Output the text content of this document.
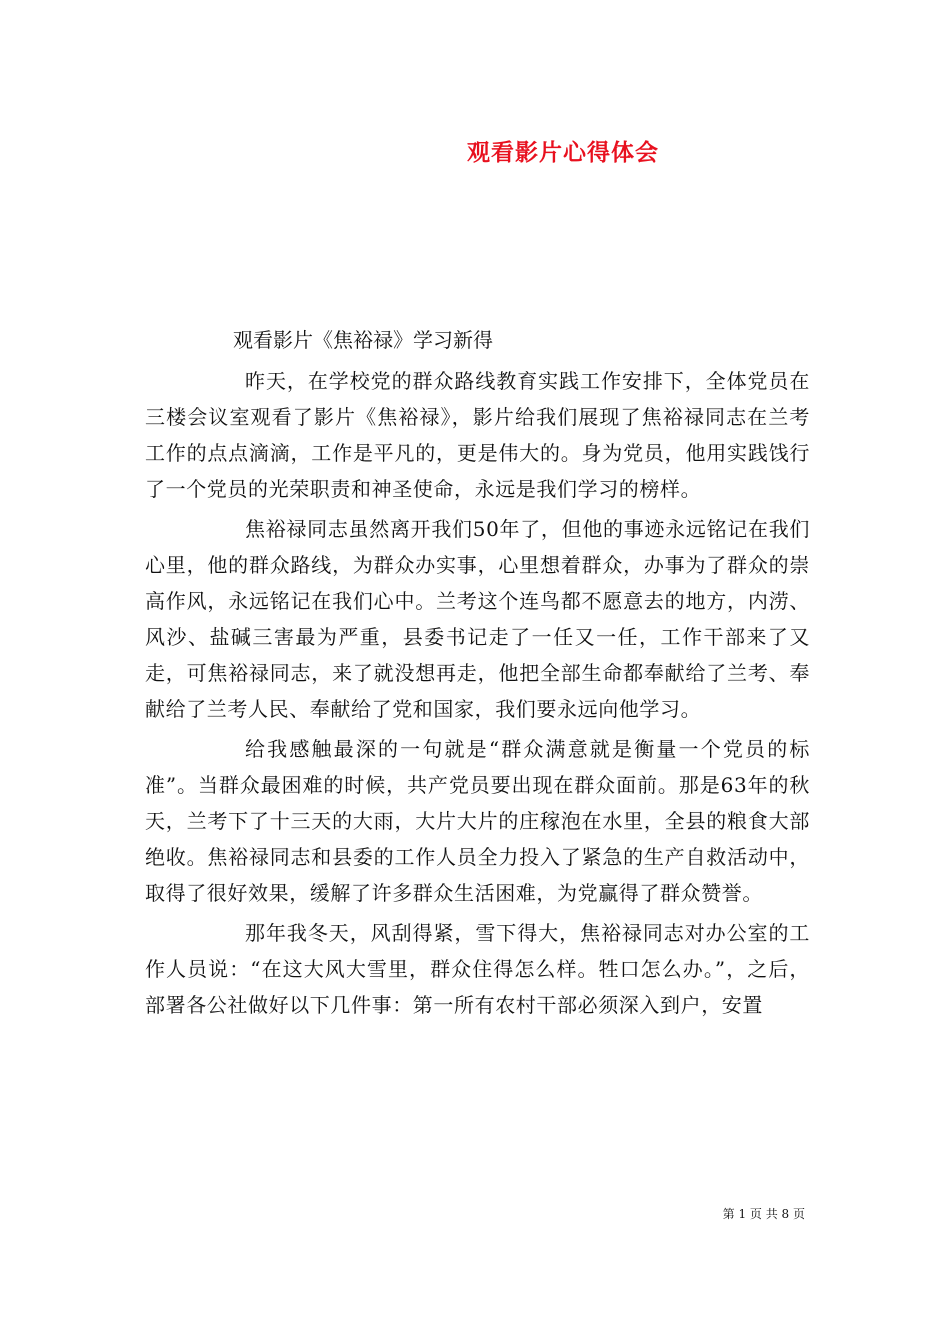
观看影片心得体会
观看影片《焦裕禄》学习新得

昨天，在学校党的群众路线教育实践工作安排下，全体党员在三楼会议室观看了影片《焦裕禄》，影片给我们展现了焦裕禄同志在兰考工作的点点滴滴，工作是平凡的，更是伟大的。身为党员，他用实践饯行了一个党员的光荣职责和神圣使命，永远是我们学习的榜样。

焦裕禄同志虽然离开我们50年了，但他的事迹永远铭记在我们心里，他的群众路线，为群众办实事，心里想着群众，办事为了群众的崇高作风，永远铭记在我们心中。兰考这个连鸟都不愿意去的地方，内涝、风沙、盐碱三害最为严重，县委书记走了一任又一任，工作干部来了又走，可焦裕禄同志，来了就没想再走，他把全部生命都奉献给了兰考、奉献给了兰考人民、奉献给了党和国家，我们要永远向他学习。

给我感触最深的一句就是“群众满意就是衡量一个党员的标准”。当群众最困难的时候，共产党员要出现在群众面前。那是63年的秋天，兰考下了十三天的大雨，大片大片的庄稼泡在水里，全县的粮食大部绝收。焦裕禄同志和县委的工作人员全力投入了紧急的生产自救活动中，取得了很好效果，缓解了许多群众生活困难，为党赢得了群众赞誉。

那年我冬天，风刮得紧，雪下得大，焦裕禄同志对办公室的工作人员说：“在这大风大雪里，群众住得怎么样。牲口怎么办。”，之后，部署各公社做好以下几件事：第一所有农村干部必须深入到户，安置

第 1 页 共 8 页
